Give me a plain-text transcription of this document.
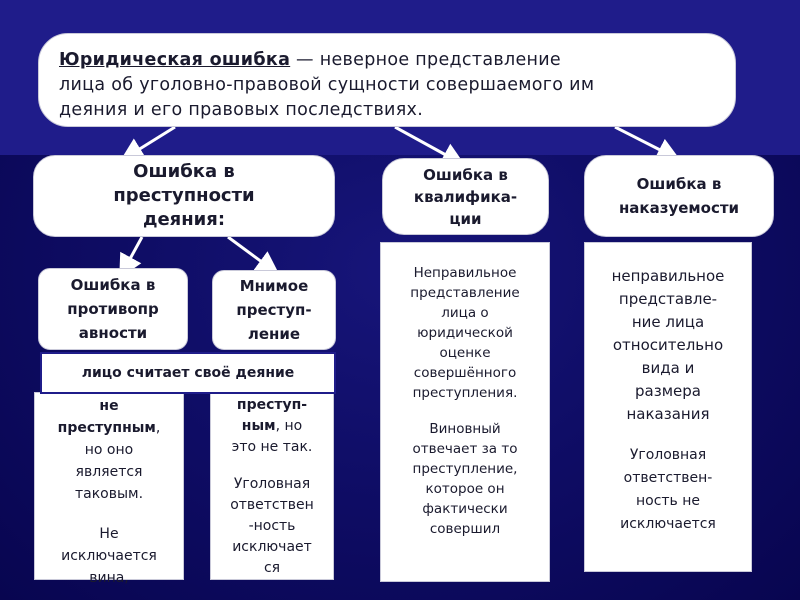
Юридическая ошибка — неверное представление
лица об уголовно-правовой сущности совершаемого им
деяния и его правовых последствиях.
Ошибка в
преступности
деяния:
Ошибка в
квалифика-
ции
Ошибка в
наказуемости
Ошибка в
противопр
авности
Мнимое
преступ-
ление

не

преступным,

но оно

является

таковым.

Не

исключается

вина,

преступ-

ным, но

это не так.

Уголовная

ответствен

-ность

исключает

ся

лицо считает своё деяние

Неправильное

представление

лица о

юридической

оценке

совершённого

преступления.

Виновный

отвечает за то

преступление,

которое он

фактически

совершил

неправильное

представле-

ние лица

относительно

вида и

размера

наказания

Уголовная

ответствен-

ность не

исключается
